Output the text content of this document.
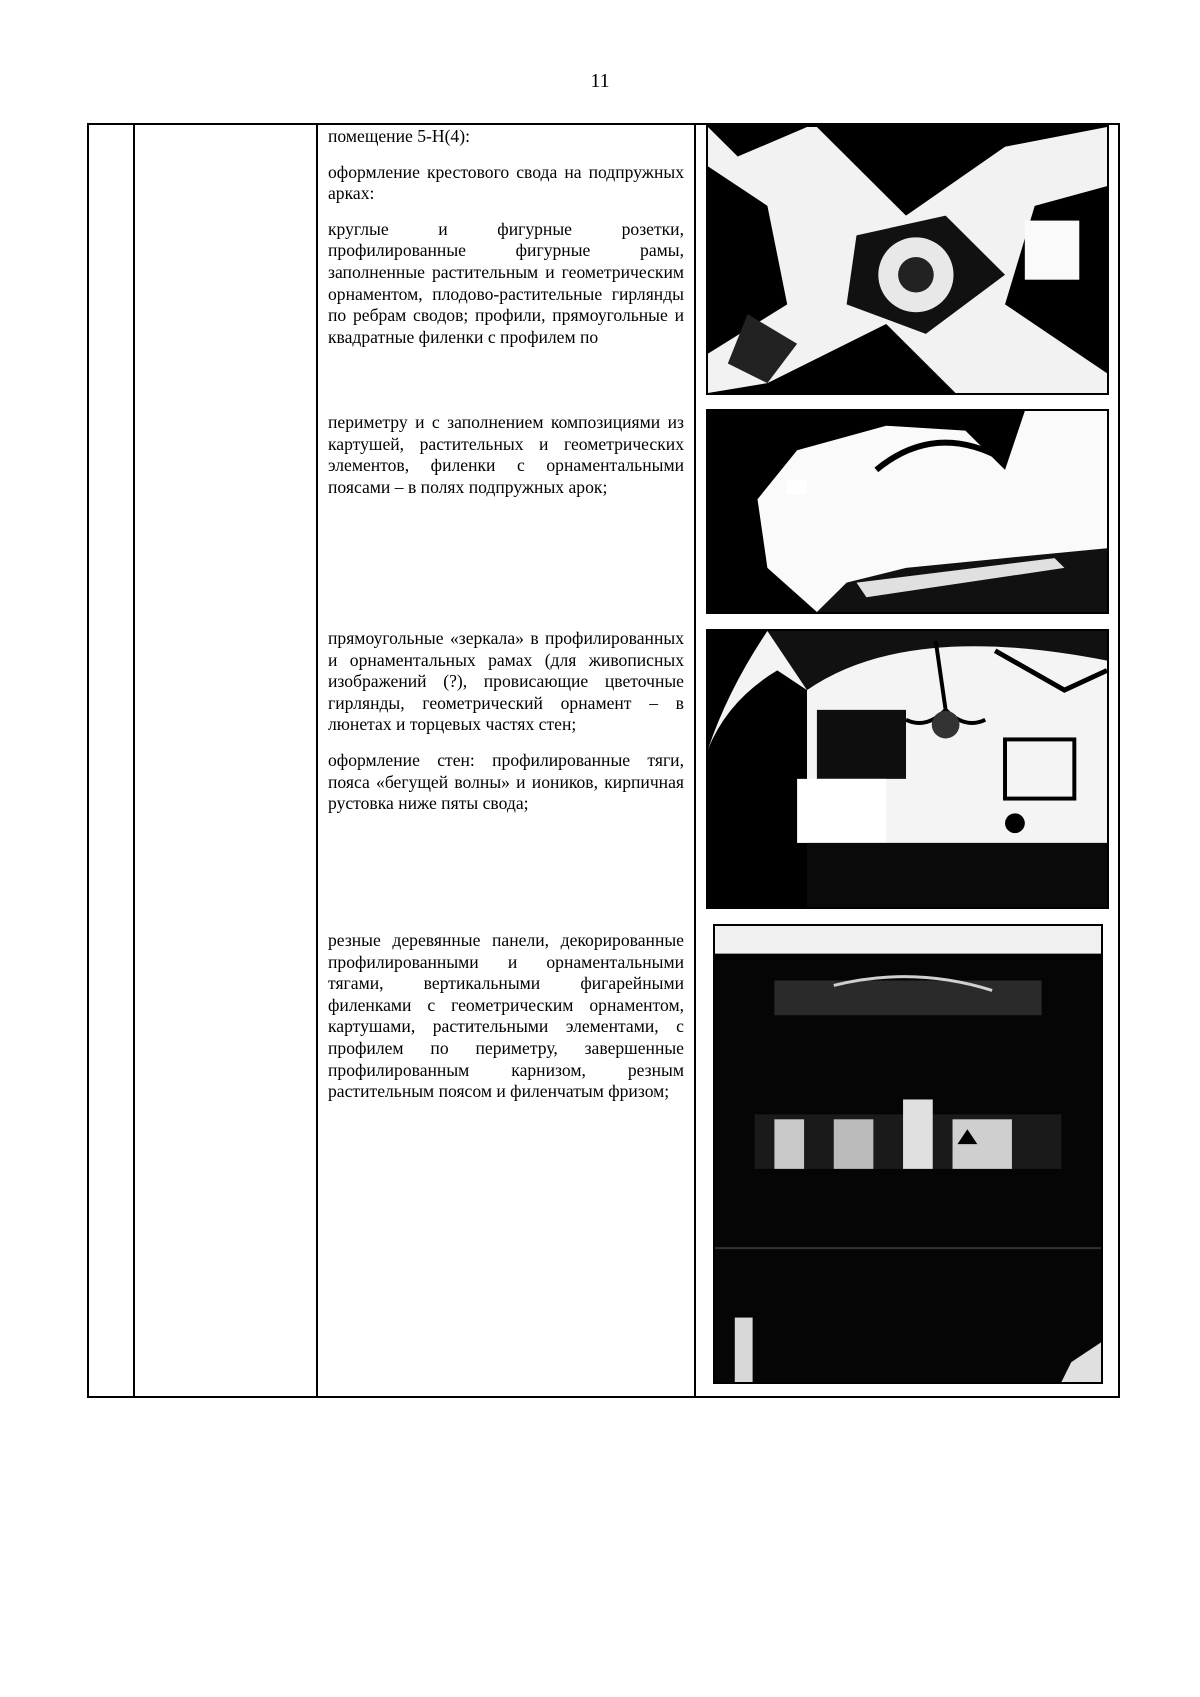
11

помещение 5-Н(4):

оформление крестового свода на подпружных арках:

круглые и фигурные розетки, профилированные фигурные рамы, заполненные растительным и геометрическим орнаментом, плодово-растительные гирлянды по ребрам сводов; профили, прямоугольные и квадратные филенки с профилем по

периметру и с заполнением композициями из картушей, растительных и геометрических элементов, филенки с орнаментальными поясами – в полях подпружных арок;

прямоугольные «зеркала» в профилированных и орнаментальных рамах (для живописных изображений (?), провисающие цветочные гирлянды, геометрический орнамент – в люнетах и торцевых частях стен;

оформление стен: профилированные тяги, пояса «бегущей волны» и иоников, кирпичная рустовка ниже пяты свода;

резные деревянные панели, декорированные профилированными и орнаментальными тягами, вертикальными фигарейными филенками с геометрическим орнаментом, картушами, растительными элементами, с профилем по периметру, завершенные профилированным карнизом, резным растительным поясом и филенчатым фризом;
